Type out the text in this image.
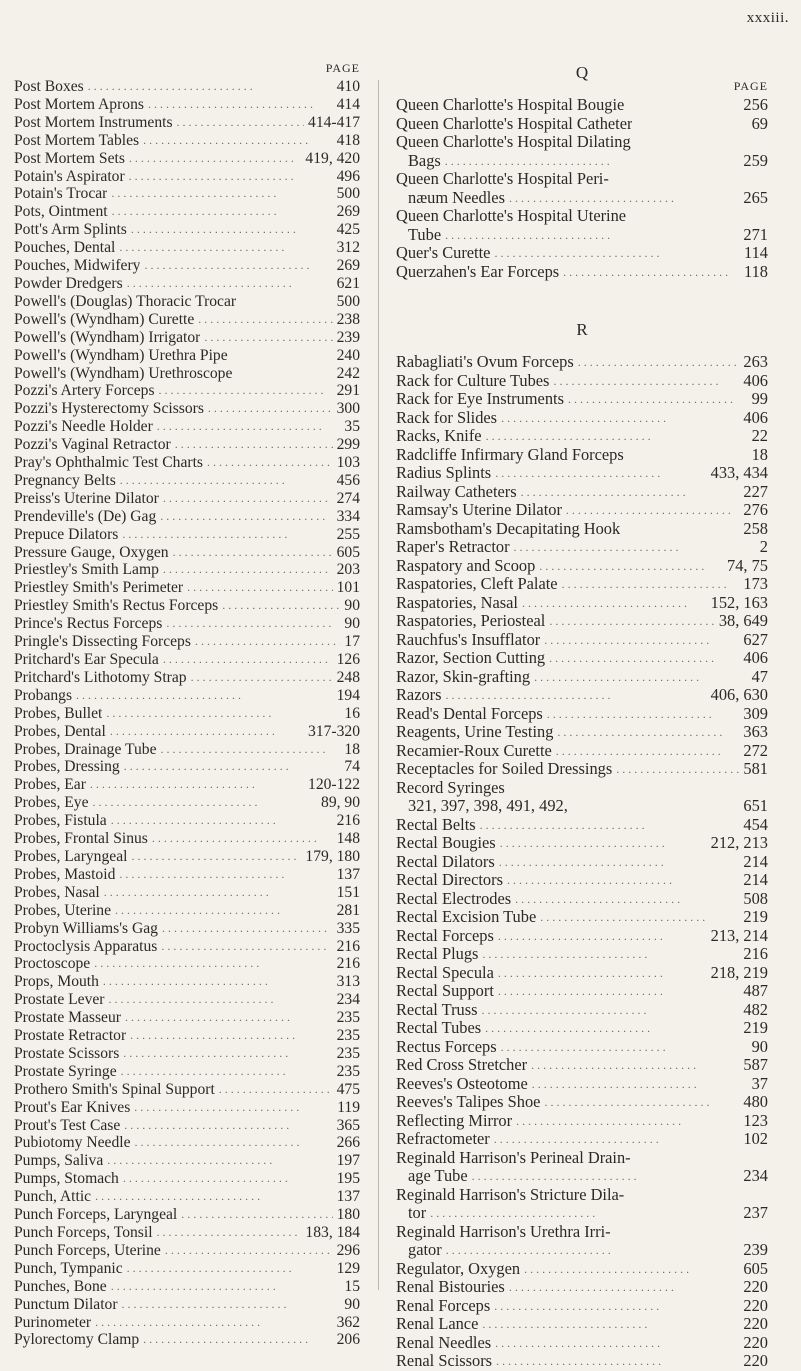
xxxiii.
PAGE
Post Boxes . .	410
Post Mortem Aprons . .	414
Post Mortem Instruments . .	414-417
Post Mortem Tables . .	418
Post Mortem Sets . .	419, 420
Potain's Aspirator . .	496
Potain's Trocar . .	500
Pots, Ointment . .	269
Pott's Arm Splints . .	425
Pouches, Dental . .	312
Pouches, Midwifery . .	269
Powder Dredgers . .	621
Powell's (Douglas) Thoracic Trocar	500
Powell's (Wyndham) Curette . .	238
Powell's (Wyndham) Irrigator . .	239
Powell's (Wyndham) Urethra Pipe	240
Powell's (Wyndham) Urethroscope	242
Pozzi's Artery Forceps . .	291
Pozzi's Hysterectomy Scissors . .	300
Pozzi's Needle Holder . .	35
Pozzi's Vaginal Retractor . .	299
Pray's Ophthalmic Test Charts . .	103
Pregnancy Belts . .	456
Preiss's Uterine Dilator . .	274
Prendeville's (De) Gag . .	334
Prepuce Dilators . .	255
Pressure Gauge, Oxygen . .	605
Priestley's Smith Lamp . .	203
Priestley Smith's Perimeter . .	101
Priestley Smith's Rectus Forceps . .	90
Prince's Rectus Forceps . .	90
Pringle's Dissecting Forceps . .	17
Pritchard's Ear Specula . .	126
Pritchard's Lithotomy Strap . .	248
Probangs . .	194
Probes, Bullet . .	16
Probes, Dental . .	317-320
Probes, Drainage Tube . .	18
Probes, Dressing . .	74
Probes, Ear . .	120-122
Probes, Eye . .	89, 90
Probes, Fistula . .	216
Probes, Frontal Sinus . .	148
Probes, Laryngeal . .	179, 180
Probes, Mastoid . .	137
Probes, Nasal . .	151
Probes, Uterine . .	281
Probyn Williams's Gag . .	335
Proctoclysis Apparatus . .	216
Proctoscope . .	216
Props, Mouth . .	313
Prostate Lever . .	234
Prostate Masseur . .	235
Prostate Retractor . .	235
Prostate Scissors . .	235
Prostate Syringe . .	235
Prothero Smith's Spinal Support . .	475
Prout's Ear Knives . .	119
Prout's Test Case . .	365
Pubiotomy Needle . .	266
Pumps, Saliva . .	197
Pumps, Stomach . .	195
Punch, Attic . .	137
Punch Forceps, Laryngeal . .	180
Punch Forceps, Tonsil . .	183, 184
Punch Forceps, Uterine . .	296
Punch, Tympanic . .	129
Punches, Bone . .	15
Punctum Dilator . .	90
Purinometer . .	362
Pylorectomy Clamp . .	206
Q
PAGE
Queen Charlotte's Hospital Bougie	256
Queen Charlotte's Hospital Catheter	69
Queen Charlotte's Hospital Dilating
Bags . .	259
Queen Charlotte's Hospital Peri-
næum Needles . .	265
Queen Charlotte's Hospital Uterine
Tube . .	271
Quer's Curette . .	114
Querzahen's Ear Forceps . .	118
R
Rabagliati's Ovum Forceps . .	263
Rack for Culture Tubes . .	406
Rack for Eye Instruments . .	99
Rack for Slides . .	406
Racks, Knife . .	22
Radcliffe Infirmary Gland Forceps	18
Radius Splints . .	433, 434
Railway Catheters . .	227
Ramsay's Uterine Dilator . .	276
Ramsbotham's Decapitating Hook	258
Raper's Retractor . .	2
Raspatory and Scoop . .	74, 75
Raspatories, Cleft Palate . .	173
Raspatories, Nasal . .	152, 163
Raspatories, Periosteal . .	38, 649
Rauchfus's Insufflator . .	627
Razor, Section Cutting . .	406
Razor, Skin-grafting . .	47
Razors . .	406, 630
Read's Dental Forceps . .	309
Reagents, Urine Testing . .	363
Recamier-Roux Curette . .	272
Receptacles for Soiled Dressings . .	581
Record Syringes
321, 397, 398, 491, 492,	651
Rectal Belts . .	454
Rectal Bougies . .	212, 213
Rectal Dilators . .	214
Rectal Directors . .	214
Rectal Electrodes . .	508
Rectal Excision Tube . .	219
Rectal Forceps . .	213, 214
Rectal Plugs . .	216
Rectal Specula . .	218, 219
Rectal Support . .	487
Rectal Truss . .	482
Rectal Tubes . .	219
Rectus Forceps . .	90
Red Cross Stretcher . .	587
Reeves's Osteotome . .	37
Reeves's Talipes Shoe . .	480
Reflecting Mirror . .	123
Refractometer . .	102
Reginald Harrison's Perineal Drain-
age Tube . .	234
Reginald Harrison's Stricture Dila-
tor . .	237
Reginald Harrison's Urethra Irri-
gator . .	239
Regulator, Oxygen . .	605
Renal Bistouries . .	220
Renal Forceps . .	220
Renal Lance . .	220
Renal Needles . .	220
Renal Scissors . .	220
